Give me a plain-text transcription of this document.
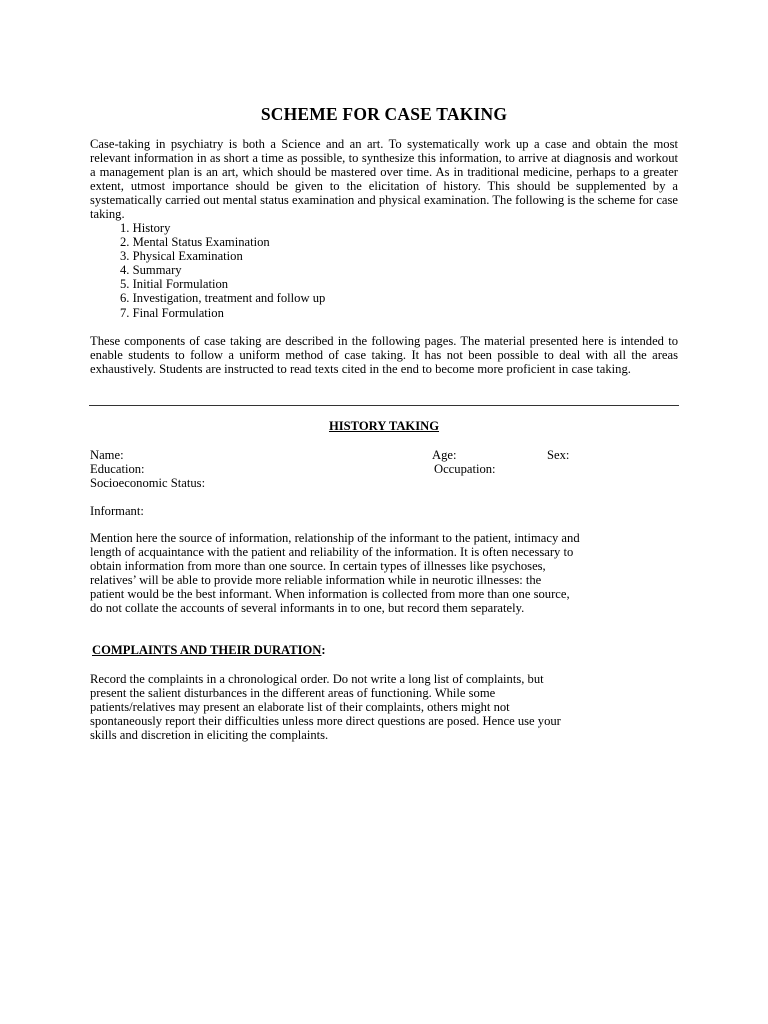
SCHEME FOR CASE TAKING

Case-taking in psychiatry is both a Science and an art. To systematically work up a case and obtain the most relevant information in as short a time as possible, to synthesize this information, to arrive at diagnosis and workout a management plan is an art, which should be mastered over time. As in traditional medicine, perhaps to a greater extent, utmost importance should be given to the elicitation of history. This should be supplemented by a systematically carried out mental status examination and physical examination. The following is the scheme for case taking.

1. History
2. Mental Status Examination
3. Physical Examination
4. Summary
5. Initial Formulation
6. Investigation, treatment and follow up
7. Final Formulation

These components of case taking are described in the following pages. The material presented here is intended to enable students to follow a uniform method of case taking. It has not been possible to deal with all the areas exhaustively. Students are instructed to read texts cited in the end to become more proficient in case taking.

HISTORY TAKING
Name:	Age:	Sex:
Education:	Occupation:
Socioeconomic Status:
Informant:
Mention here the source of information, relationship of the informant to the patient, intimacy and
length of acquaintance with the patient and reliability of the information. It is often necessary to
obtain information from more than one source. In certain types of illnesses like psychoses,
relatives’ will be able to provide more reliable information while in neurotic illnesses: the
patient would be the best informant. When information is collected from more than one source,
do not collate the accounts of several informants in to one, but record them separately.
COMPLAINTS AND THEIR DURATION:
Record the complaints in a chronological order. Do not write a long list of complaints, but
present the salient disturbances in the different areas of functioning. While some
patients/relatives may present an elaborate list of their complaints, others might not
spontaneously report their difficulties unless more direct questions are posed. Hence use your
skills and discretion in eliciting the complaints.
